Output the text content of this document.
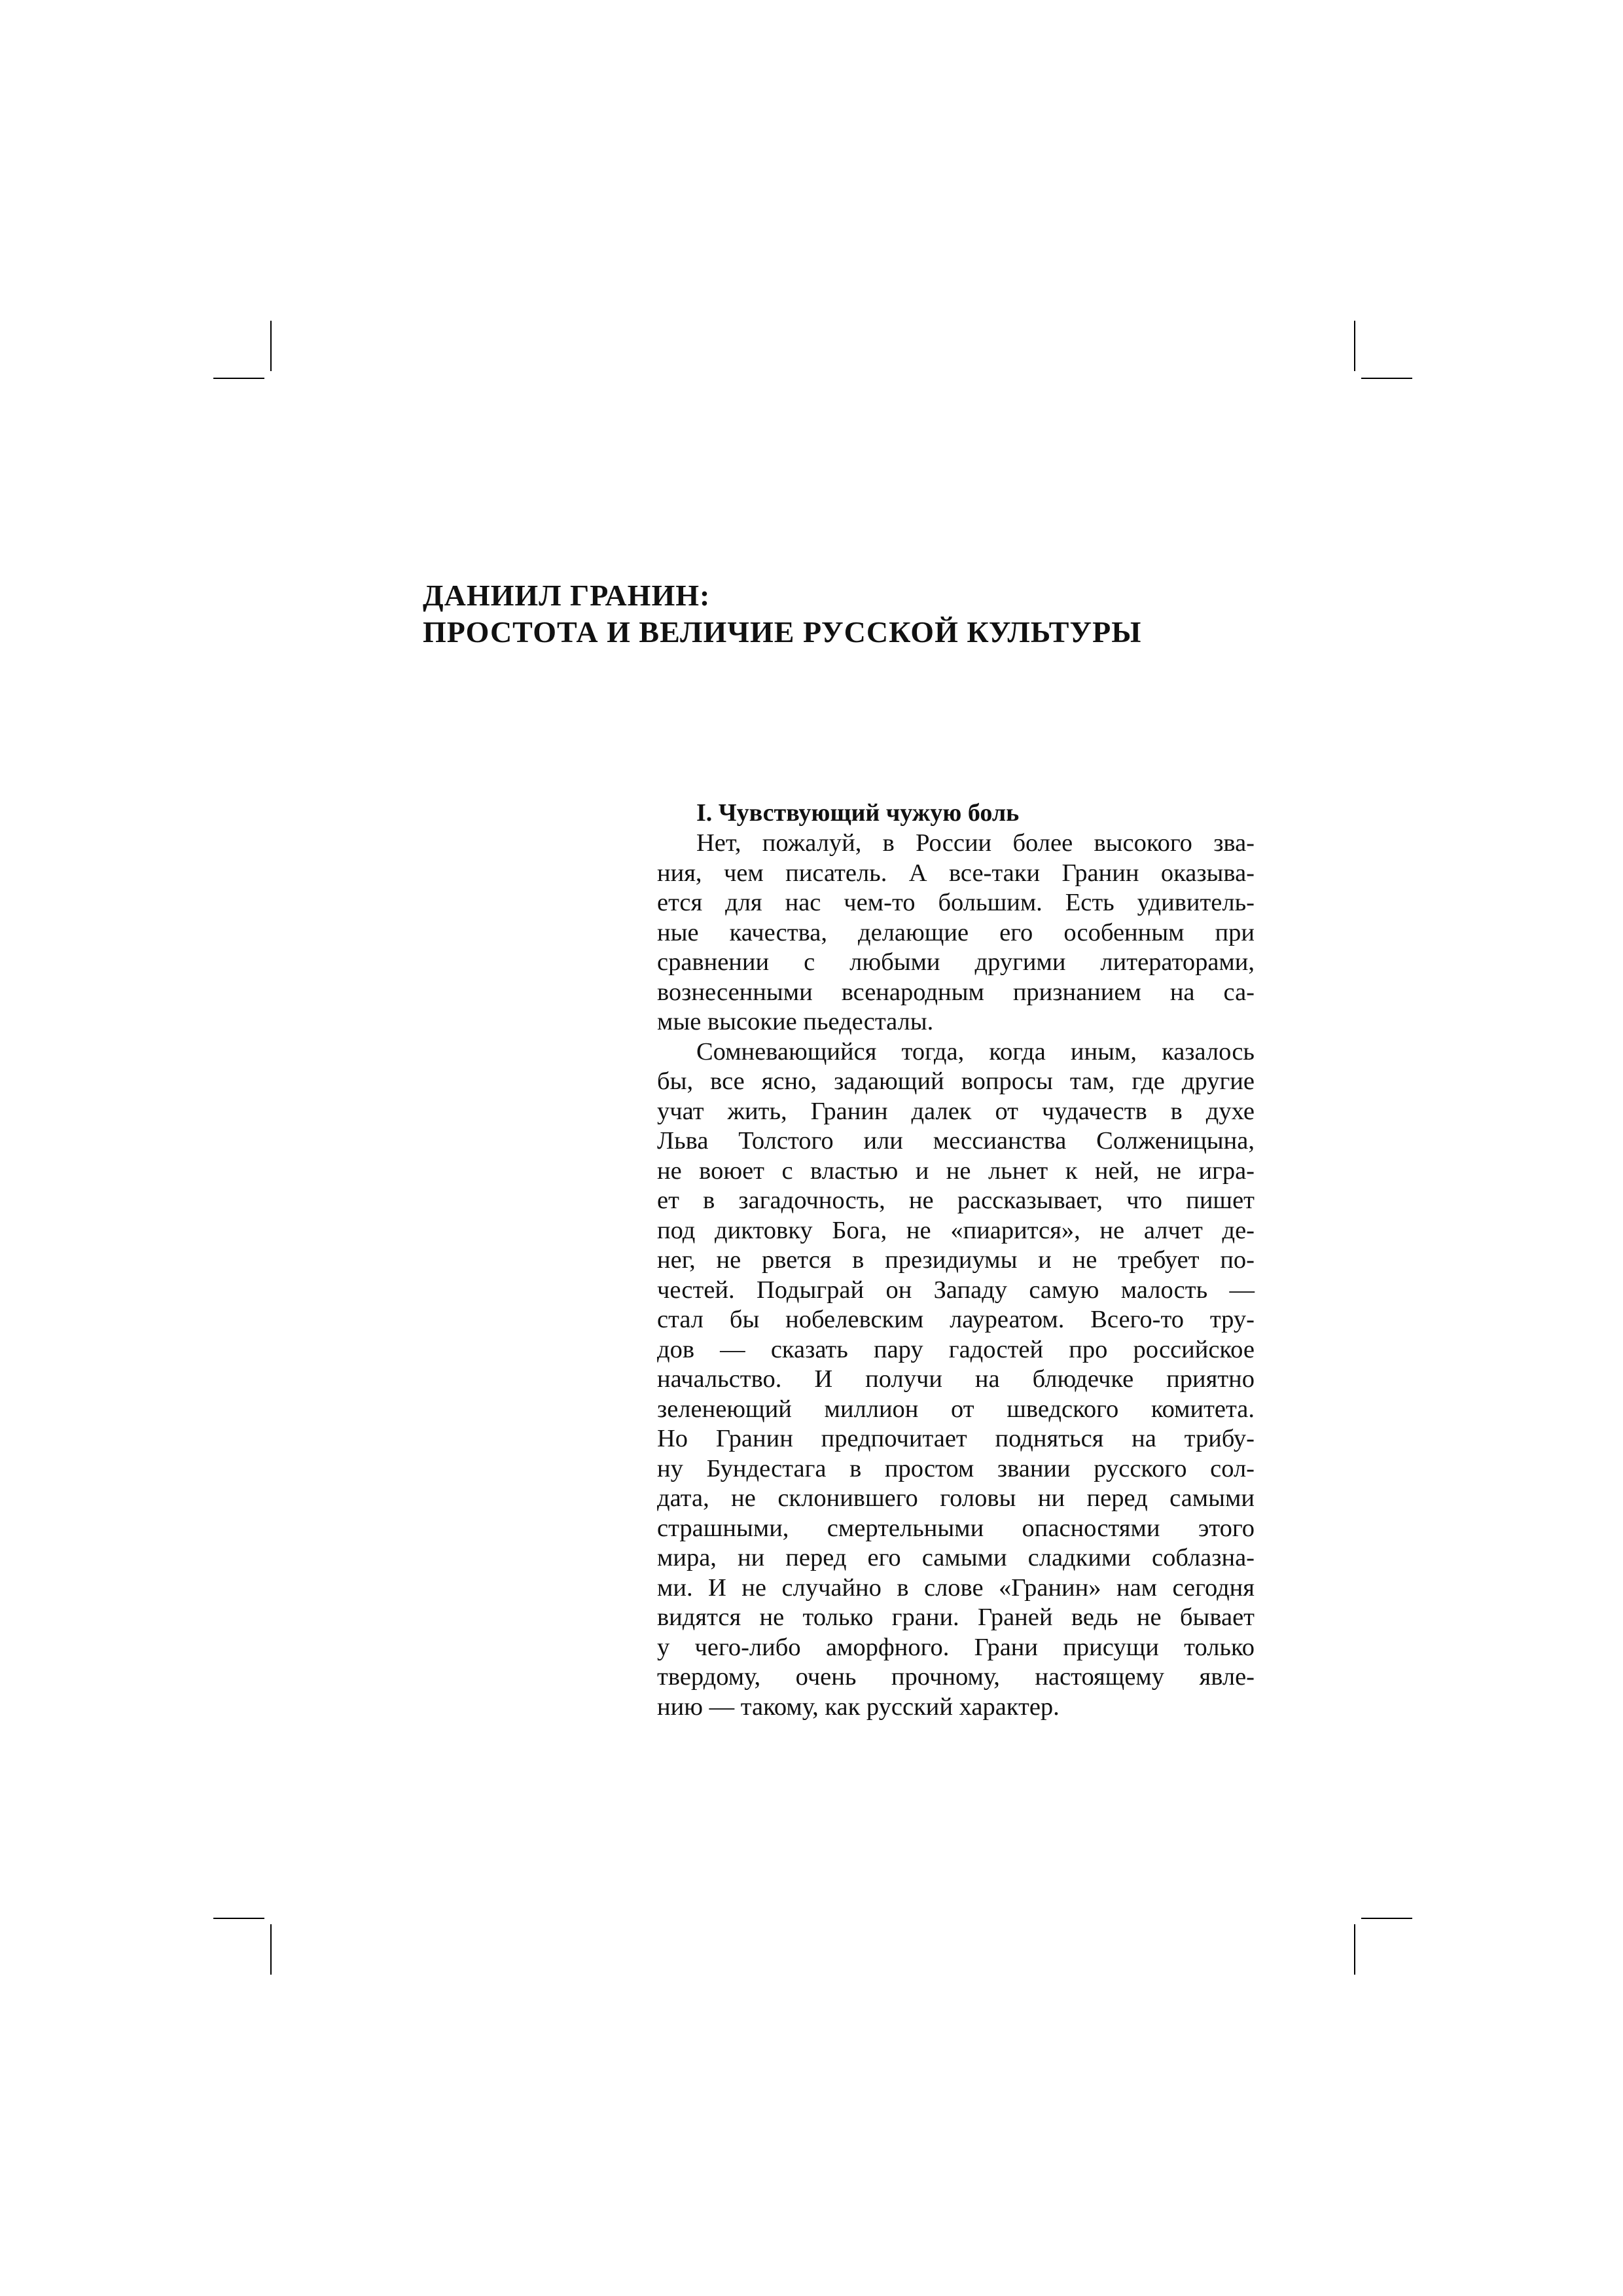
ДАНИИЛ ГРАНИН:
ПРОСТОТА И ВЕЛИЧИЕ РУССКОЙ КУЛЬТУРЫ
I. Чувствующий чужую боль
Нет, пожалуй, в России более высокого зва-
ния, чем писатель. А все-таки Гранин оказыва-
ется для нас чем-то большим. Есть удивитель-
ные качества, делающие его особенным при
сравнении с любыми другими литераторами,
вознесенными всенародным признанием на са-
мые высокие пьедесталы.
Сомневающийся тогда, когда иным, казалось
бы, все ясно, задающий вопросы там, где другие
учат жить, Гранин далек от чудачеств в духе
Льва Толстого или мессианства Солженицына,
не воюет с властью и не льнет к ней, не игра-
ет в загадочность, не рассказывает, что пишет
под диктовку Бога, не «пиарится», не алчет де-
нег, не рвется в президиумы и не требует по-
честей. Подыграй он Западу самую малость —
стал бы нобелевским лауреатом. Всего-то тру-
дов — сказать пару гадостей про российское
начальство. И получи на блюдечке приятно
зеленеющий миллион от шведского комитета.
Но Гранин предпочитает подняться на трибу-
ну Бундестага в простом звании русского сол-
дата, не склонившего головы ни перед самыми
страшными, смертельными опасностями этого
мира, ни перед его самыми сладкими соблазна-
ми. И не случайно в слове «Гранин» нам сегодня
видятся не только грани. Граней ведь не бывает
у чего-либо аморфного. Грани присущи только
твердому, очень прочному, настоящему явле-
нию — такому, как русский характер.
